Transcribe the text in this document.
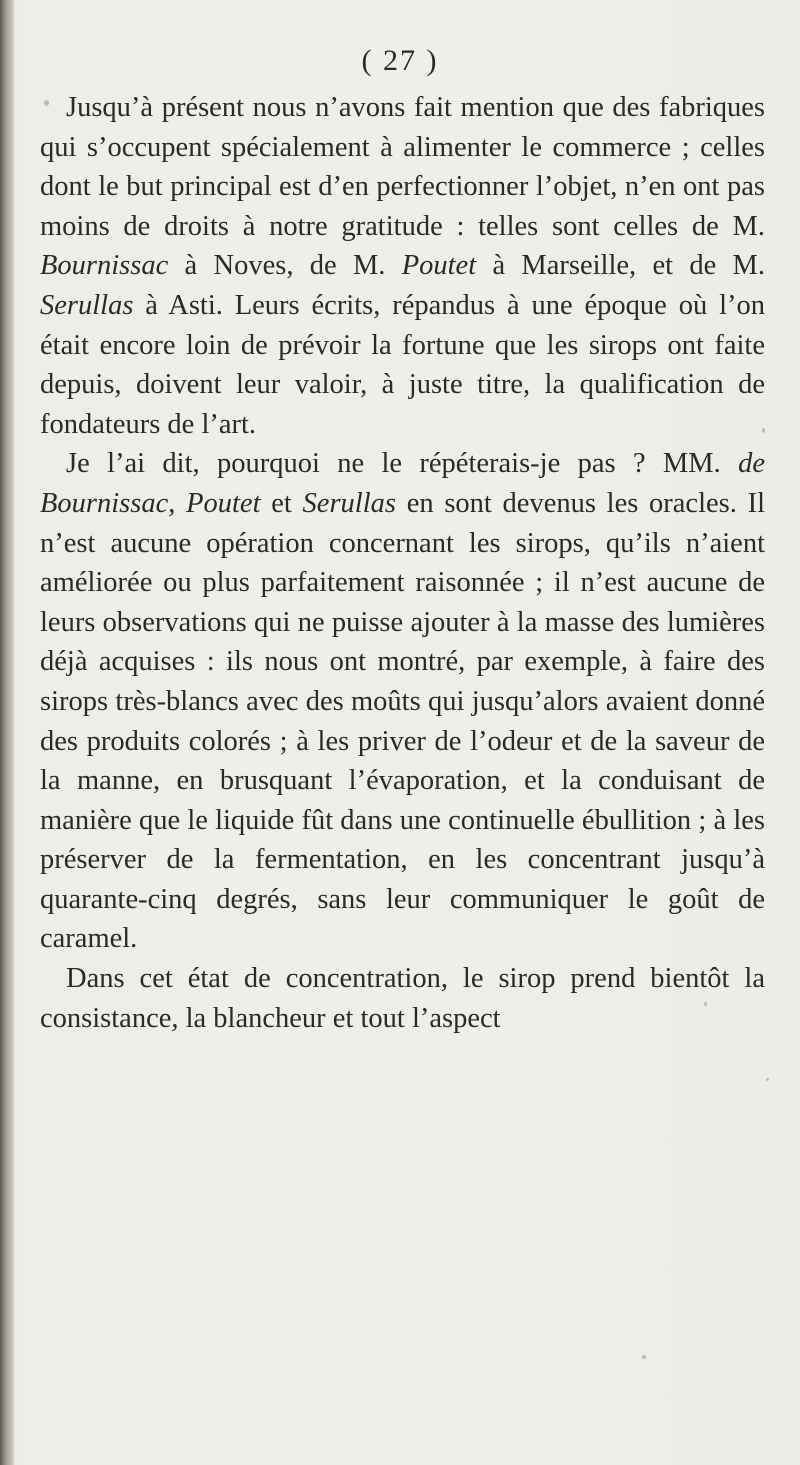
( 27 )

Jusqu’à présent nous n’avons fait mention que des fabriques qui s’occupent spécialement à alimenter le commerce ; celles dont le but principal est d’en perfectionner l’objet, n’en ont pas moins de droits à notre gratitude : telles sont celles de M. Bournissac à Noves, de M. Poutet à Marseille, et de M. Serullas à Asti. Leurs écrits, répandus à une époque où l’on était encore loin de prévoir la fortune que les sirops ont faite depuis, doivent leur valoir, à juste titre, la qualification de fondateurs de l’art.

Je l’ai dit, pourquoi ne le répéterais-je pas ? MM. de Bournissac, Poutet et Serullas en sont devenus les oracles. Il n’est aucune opération concernant les sirops, qu’ils n’aient améliorée ou plus parfaitement raisonnée ; il n’est aucune de leurs observations qui ne puisse ajouter à la masse des lumières déjà acquises : ils nous ont montré, par exemple, à faire des sirops très-blancs avec des moûts qui jusqu’alors avaient donné des produits colorés ; à les priver de l’odeur et de la saveur de la manne, en brusquant l’évaporation, et la conduisant de manière que le liquide fût dans une continuelle ébullition ; à les préserver de la fermentation, en les concentrant jusqu’à quarante-cinq degrés, sans leur communiquer le goût de caramel.

Dans cet état de concentration, le sirop prend bientôt la consistance, la blancheur et tout l’aspect
